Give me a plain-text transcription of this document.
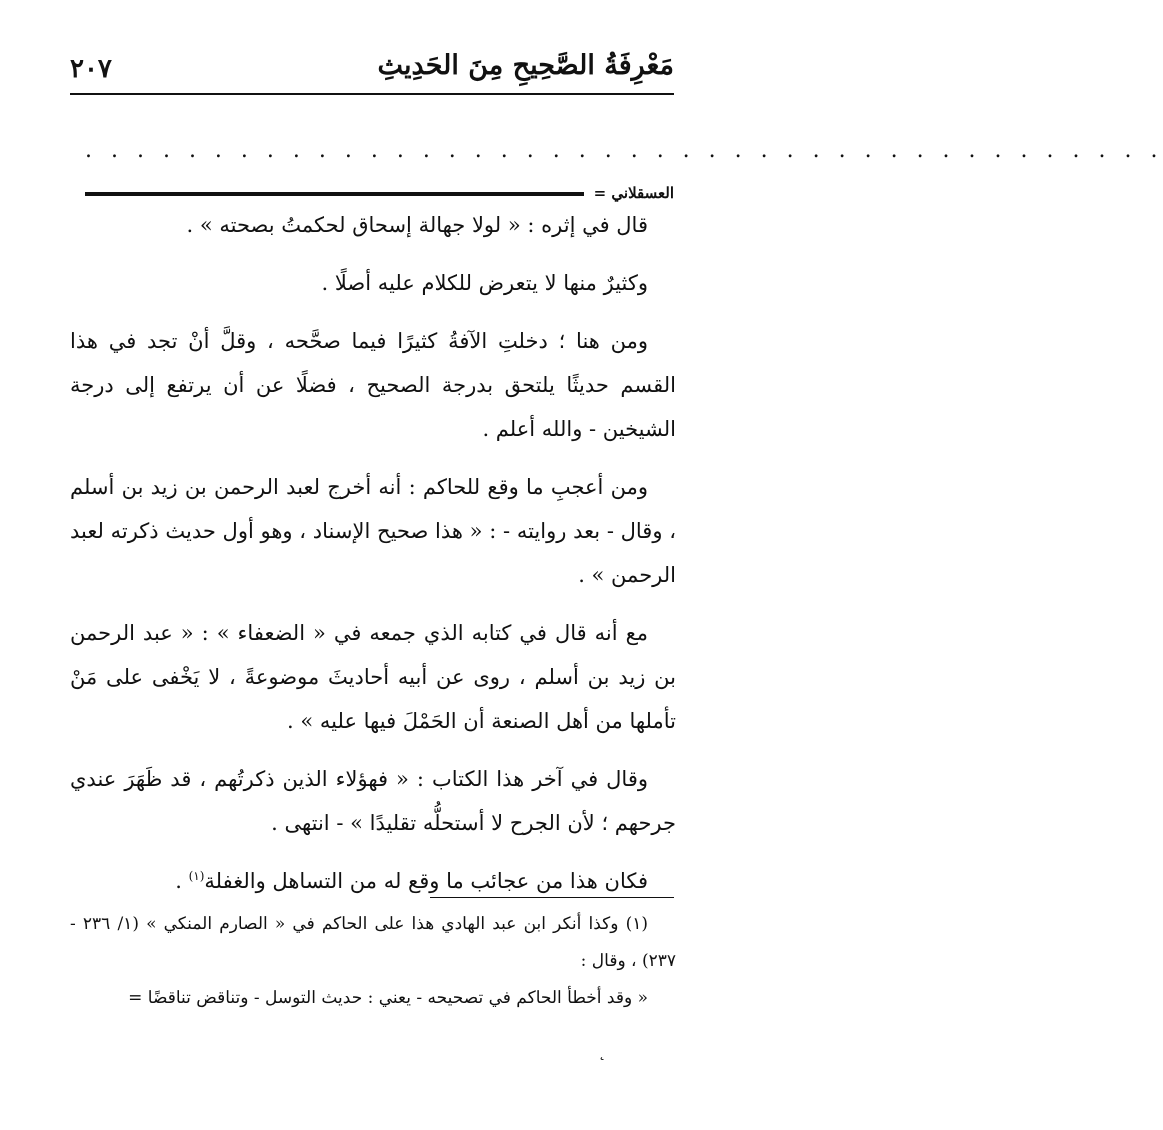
مَعْرِفَةُ الصَّحِيحِ مِنَ الحَدِيثِ
٢٠٧
. . . . . . . . . . . . . . . . . . . . . . . . . . . . . . . . . . . . . . . . . .
العسقلاني =

قال في إثره : « لولا جهالة إسحاق لحكمتُ بصحته » .

وكثيرٌ منها لا يتعرض للكلام عليه أصلًا .

ومن هنا ؛ دخلتِ الآفةُ كثيرًا فيما صحَّحه ، وقلَّ أنْ تجد في هذا القسم حديثًا يلتحق بدرجة الصحيح ، فضلًا عن أن يرتفع إلى درجة الشيخين - والله أعلم .

ومن أعجبِ ما وقع للحاكم : أنه أخرج لعبد الرحمن بن زيد بن أسلم ، وقال - بعد روايته - : « هذا صحيح الإسناد ، وهو أول حديث ذكرته لعبد الرحمن » .

مع أنه قال في كتابه الذي جمعه في « الضعفاء » : « عبد الرحمن بن زيد بن أسلم ، روى عن أبيه أحاديثَ موضوعةً ، لا يَخْفى على مَنْ تأملها من أهل الصنعة أن الحَمْلَ فيها عليه » .

وقال في آخر هذا الكتاب : « فهؤلاء الذين ذكرتُهم ، قد ظَهَرَ عندي جرحهم ؛ لأن الجرح لا أستحلُّه تقليدًا » - انتهى .

فكان هذا من عجائب ما وقع له من التساهل والغفلة$^{(١)}$ .

(١) وكذا أنكر ابن عبد الهادي هذا على الحاكم في « الصارم المنكي » (١/ ٢٣٦ - ٢٣٧) ، وقال :

« وقد أخطأ الحاكم في تصحيحه - يعني : حديث التوسل - وتناقض تناقضًا =

˛
